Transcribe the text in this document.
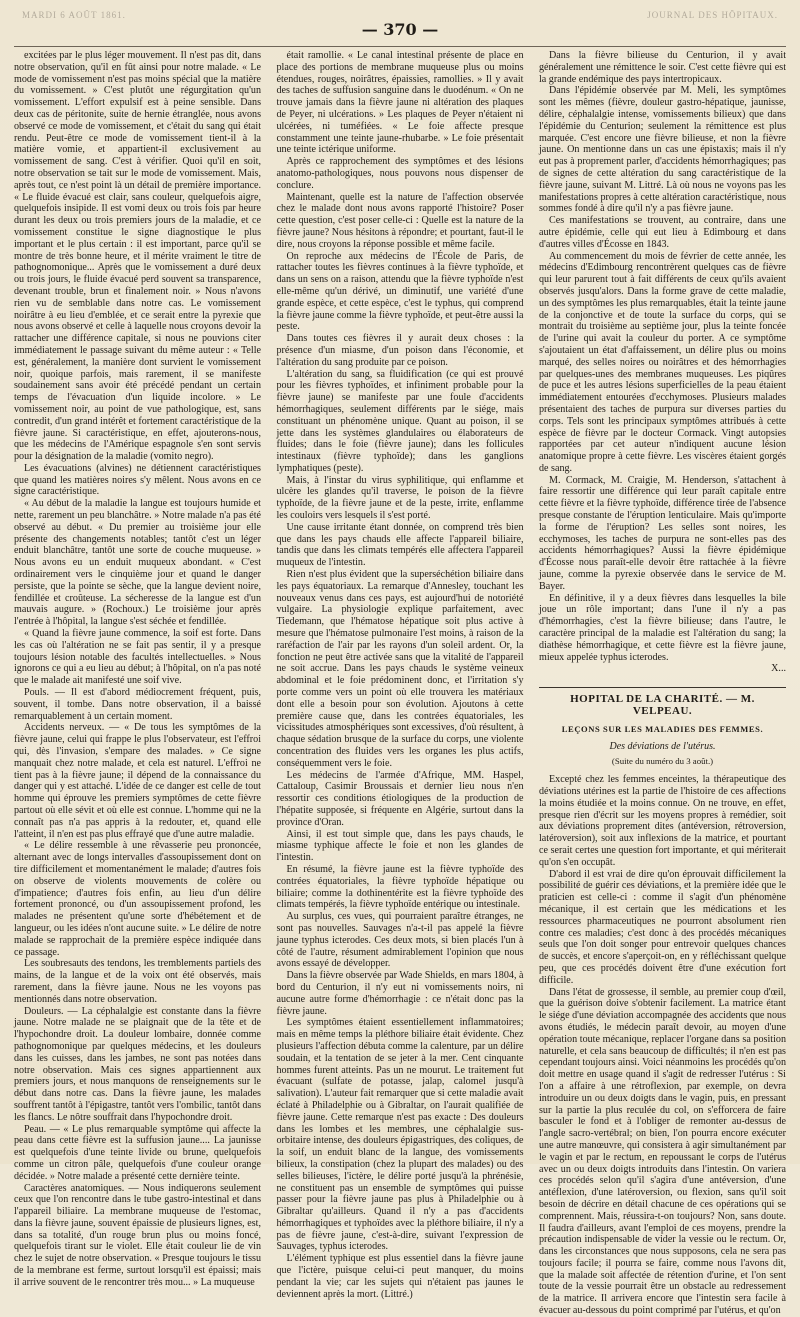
MARDI 6 AOÛT 1861.	JOURNAL DES HÔPITAUX.
— 370 —

excitées par le plus léger mouvement. Il n'est pas dit, dans notre observation, qu'il en fût ainsi pour notre malade. « Le mode de vomissement n'est pas moins spécial que la matière du vomissement. » C'est plutôt une régurgitation qu'un vomissement. L'effort expulsif est à peine sensible. Dans deux cas de péritonite, suite de hernie étranglée, nous avons observé ce mode de vomissement, et c'était du sang qui était rendu. Peut-être ce mode de vomissement tient-il à la matière vomie, et appartient-il exclusivement au vomissement de sang. C'est à vérifier. Quoi qu'il en soit, notre observation se tait sur le mode de vomissement. Mais, après tout, ce n'est point là un détail de première importance. « Le fluide évacué est clair, sans couleur, quelquefois aigre, quelquefois insipide. Il est vomi deux ou trois fois par heure durant les deux ou trois premiers jours de la maladie, et ce vomissement constitue le signe diagnostique le plus important et le plus certain : il est important, parce qu'il se montre de très bonne heure, et il mérite vraiment le titre de pathognomonique... Après que le vomissement a duré deux ou trois jours, le fluide évacué perd souvent sa transparence, devenant trouble, brun et finalement noir. » Nous n'avons rien vu de semblable dans notre cas. Le vomissement noirâtre à eu lieu d'emblée, et ce serait entre la pyrexie que nous avons observé et celle à laquelle nous croyons devoir la rattacher une différence capitale, si nous ne pouvions citer immédiatement le passage suivant du même auteur : « Telle est, généralement, la manière dont survient le vomissement noir, quoique parfois, mais rarement, il se manifeste soudainement sans avoir été précédé pendant un certain temps de l'évacuation d'un liquide incolore. » Le vomissement noir, au point de vue pathologique, est, sans contredit, d'un grand intérêt et fortement caractéristique de la fièvre jaune. Si caractéristique, en effet, ajouterons-nous, que les médecins de l'Amérique espagnole s'en sont servis pour la désignation de la maladie (vomito negro).

Les évacuations (alvines) ne détiennent caractéristiques que quand les matières noires s'y mêlent. Nous avons en ce signe caractéristique.

« Au début de la maladie la langue est toujours humide et nette, rarement un peu blanchâtre. » Notre malade n'a pas été observé au début. « Du premier au troisième jour elle présente des changements notables; tantôt c'est un léger enduit blanchâtre, tantôt une sorte de couche muqueuse. » Nous avons eu un enduit muqueux abondant. « C'est ordinairement vers le cinquième jour et quand le danger persiste, que la pointe se sèche, que la langue devient noire, fendillée et croûteuse. La sécheresse de la langue est d'un mauvais augure. » (Rochoux.) Le troisième jour après l'entrée à l'hôpital, la langue s'est séchée et fendillée.

« Quand la fièvre jaune commence, la soif est forte. Dans les cas où l'altération ne se fait pas sentir, il y a presque toujours lésion notable des facultés intellectuelles. » Nous ignorons ce qui a eu lieu au début; à l'hôpital, on n'a pas noté que le malade ait manifesté une soif vive.

Pouls. — Il est d'abord médiocrement fréquent, puis, souvent, il tombe. Dans notre observation, il a baissé remarquablement à un certain moment.

Accidents nerveux. — « De tous les symptômes de la fièvre jaune, celui qui frappe le plus l'observateur, est l'effroi qui, dès l'invasion, s'empare des malades. » Ce signe manquait chez notre malade, et cela est naturel. L'effroi ne tient pas à la fièvre jaune; il dépend de la connaissance du danger qui y est attaché. L'idée de ce danger est celle de tout homme qui éprouve les premiers symptômes de cette fièvre partout où elle sévit et où elle est connue. L'homme qui ne la connaît pas n'a pas appris à la redouter, et, quand elle l'atteint, il n'en est pas plus effrayé que d'une autre maladie.

« Le délire ressemble à une rêvasserie peu prononcée, alternant avec de longs intervalles d'assoupissement dont on tire difficilement et momentanément le malade; d'autres fois on observe de violents mouvements de colère ou d'impatience; d'autres fois enfin, au lieu d'un délire fortement prononcé, ou d'un assoupissement profond, les malades ne présentent qu'une sorte d'hébétement et de langueur, ou les idées n'ont aucune suite. » Le délire de notre malade se rapprochait de la première espèce indiquée dans ce passage.

Les soubresauts des tendons, les tremblements partiels des mains, de la langue et de la voix ont été observés, mais rarement, dans la fièvre jaune. Nous ne les voyons pas mentionnés dans notre observation.

Douleurs. — La céphalalgie est constante dans la fièvre jaune. Notre malade ne se plaignait que de la tête et de l'hypochondre droit. La douleur lombaire, donnée comme pathognomonique par quelques médecins, et les douleurs dans les cuisses, dans les jambes, ne sont pas notées dans notre observation. Mais ces signes appartiennent aux premiers jours, et nous manquons de renseignements sur le début dans notre cas. Dans la fièvre jaune, les malades souffrent tantôt à l'épigastre, tantôt vers l'ombilic, tantôt dans les flancs. Le nôtre souffrait dans l'hypochondre droit.

Peau. — « Le plus remarquable symptôme qui affecte la peau dans cette fièvre est la suffusion jaune.... La jaunisse est quelquefois d'une teinte livide ou brune, quelquefois comme un citron pâle, quelquefois d'une couleur orange décidée. » Notre malade a présenté cette dernière teinte.

Caractères anatomiques. — Nous indiquerons seulement ceux que l'on rencontre dans le tube gastro-intestinal et dans l'appareil biliaire. La membrane muqueuse de l'estomac, dans la fièvre jaune, souvent épaissie de plusieurs lignes, est, dans sa totalité, d'un rouge brun plus ou moins foncé, quelquefois tirant sur le violet. Elle était couleur lie de vin chez le sujet de notre observation. « Presque toujours le tissu de la membrane est ferme, surtout lorsqu'il est épaissi; mais il arrive souvent de le rencontrer très mou... » La muqueuse

était ramollie. « Le canal intestinal présente de place en place des portions de membrane muqueuse plus ou moins étendues, rouges, noirâtres, épaissies, ramollies. » Il y avait des taches de suffusion sanguine dans le duodénum. « On ne trouve jamais dans la fièvre jaune ni altération des plaques de Peyer, ni ulcérations. » Les plaques de Peyer n'étaient ni ulcérées, ni tuméfiées. « Le foie affecte presque constamment une teinte jaune-rhubarbe. » Le foie présentait une teinte ictérique uniforme.

Après ce rapprochement des symptômes et des lésions anatomo-pathologiques, nous pouvons nous dispenser de conclure.

Maintenant, quelle est la nature de l'affection observée chez le malade dont nous avons rapporté l'histoire? Poser cette question, c'est poser celle-ci : Quelle est la nature de la fièvre jaune? Nous hésitons à répondre; et pourtant, faut-il le dire, nous croyons la réponse possible et même facile.

On reproche aux médecins de l'École de Paris, de rattacher toutes les fièvres continues à la fièvre typhoïde, et dans un sens on a raison, attendu que la fièvre typhoïde n'est elle-même qu'un dérivé, un diminutif, une variété d'une grande espèce, et cette espèce, c'est le typhus, qui comprend la fièvre jaune comme la fièvre typhoïde, et peut-être aussi la peste.

Dans toutes ces fièvres il y aurait deux choses : la présence d'un miasme, d'un poison dans l'économie, et l'altération du sang produite par ce poison.

L'altération du sang, sa fluidification (ce qui est prouvé pour les fièvres typhoïdes, et infiniment probable pour la fièvre jaune) se manifeste par une foule d'accidents hémorrhagiques, seulement différents par le siége, mais constituant un phénomène unique. Quant au poison, il se jette dans les systèmes glandulaires ou élaborateurs de fluides; dans le foie (fièvre jaune); dans les follicules intestinaux (fièvre typhoïde); dans les ganglions lymphatiques (peste).

Mais, à l'instar du virus syphilitique, qui enflamme et ulcère les glandes qu'il traverse, le poison de la fièvre typhoïde, de la fièvre jaune et de la peste, irrite, enflamme les couloirs vers lesquels il s'est porté.

Une cause irritante étant donnée, on comprend très bien que dans les pays chauds elle affecte l'appareil biliaire, tandis que dans les climats tempérés elle affectera l'appareil muqueux de l'intestin.

Rien n'est plus évident que la superséchétion biliaire dans les pays équatoriaux. La remarque d'Annesley, touchant les nouveaux venus dans ces pays, est aujourd'hui de notoriété vulgaire. La physiologie explique parfaitement, avec Tiedemann, que l'hématose hépatique soit plus active à mesure que l'hématose pulmonaire l'est moins, à raison de la raréfaction de l'air par les rayons d'un soleil ardent. Or, la fonction ne peut être activée sans que la vitalité de l'appareil ne soit accrue. Dans les pays chauds le système veineux abdominal et le foie prédominent donc, et l'irritation s'y porte comme vers un point où elle trouvera les matériaux dont elle a besoin pour son évolution. Ajoutons à cette première cause que, dans les contrées équatoriales, les vicissitudes atmosphériques sont excessives, d'où résultent, à chaque sédation brusque de la surface du corps, une violente concentration des fluides vers les organes les plus actifs, conséquemment vers le foie.

Les médecins de l'armée d'Afrique, MM. Haspel, Cattaloup, Casimir Broussais et dernier lieu nous n'en ressortir ces conditions étiologiques de la production de l'hépatite supposée, si fréquente en Algérie, surtout dans la province d'Oran.

Ainsi, il est tout simple que, dans les pays chauds, le miasme typhique affecte le foie et non les glandes de l'intestin.

En résumé, la fièvre jaune est la fièvre typhoïde des contrées équatoriales, la fièvre typhoïde hépatique ou biliaire; comme la dothinentérite est la fièvre typhoïde des climats tempérés, la fièvre typhoïde entérique ou intestinale.

Au surplus, ces vues, qui pourraient paraître étranges, ne sont pas nouvelles. Sauvages n'a-t-il pas appelé la fièvre jaune typhus icterodes. Ces deux mots, si bien placés l'un à côté de l'autre, résument admirablement l'opinion que nous avons essayé de développer.

Dans la fièvre observée par Wade Shields, en mars 1804, à bord du Centurion, il n'y eut ni vomissements noirs, ni aucune autre forme d'hémorrhagie : ce n'était donc pas la fièvre jaune.

Les symptômes étaient essentiellement inflammatoires; mais en même temps la pléthore biliaire était évidente. Chez plusieurs l'affection débuta comme la calenture, par un délire soudain, et la tentation de se jeter à la mer. Cent cinquante hommes furent atteints. Pas un ne mourut. Le traitement fut évacuant (sulfate de potasse, jalap, calomel jusqu'à salivation). L'auteur fait remarquer que si cette maladie avait éclaté à Philadelphie ou à Gibraltar, on l'aurait qualifiée de fièvre jaune. Cette remarque n'est pas exacte : Des douleurs dans les lombes et les membres, une céphalalgie sus-orbitaire intense, des douleurs épigastriques, des coliques, de la soif, un enduit blanc de la langue, des vomissements bilieux, la constipation (chez la plupart des malades) ou des selles bilieuses, l'ictère, le délire porté jusqu'à la phrénésie, ne constituent pas un ensemble de symptômes qui puisse passer pour la fièvre jaune pas plus à Philadelphie ou à Gibraltar qu'ailleurs. Quand il n'y a pas d'accidents hémorrhagiques et typhoïdes avec la pléthore biliaire, il n'y a pas de fièvre jaune, c'est-à-dire, suivant l'expression de Sauvages, typhus icterodes.

L'élément typhique est plus essentiel dans la fièvre jaune que l'ictère, puisque celui-ci peut manquer, du moins pendant la vie; car les sujets qui n'étaient pas jaunes le deviennent après la mort. (Littré.)

Dans la fièvre bilieuse du Centurion, il y avait généralement une rémittence le soir. C'est cette fièvre qui est la grande endémique des pays intertropicaux.

Dans l'épidémie observée par M. Meli, les symptômes sont les mêmes (fièvre, douleur gastro-hépatique, jaunisse, délire, céphalalgie intense, vomissements bilieux) que dans l'épidémie du Centurion; seulement la rémittence est plus marquée. C'est encore une fièvre bilieuse, et non la fièvre jaune. On mentionne dans un cas une épistaxis; mais il n'y eut pas à proprement parler, d'accidents hémorrhagiques; pas de signes de cette altération du sang caractéristique de la fièvre jaune, suivant M. Littré. Là où nous ne voyons pas les manifestations propres à cette altération caractéristique, nous sommes fondé à dire qu'il n'y a pas fièvre jaune.

Ces manifestations se trouvent, au contraire, dans une autre épidémie, celle qui eut lieu à Edimbourg et dans d'autres villes d'Écosse en 1843.

Au commencement du mois de février de cette année, les médecins d'Edimbourg rencontrèrent quelques cas de fièvre qui leur parurent tout à fait différents de ceux qu'ils avaient observés jusqu'alors. Dans la forme grave de cette maladie, un des symptômes les plus remarquables, était la teinte jaune de la conjonctive et de toute la surface du corps, qui se montrait du troisième au septième jour, plus la teinte foncée de l'urine qui avait la couleur du porter. A ce symptôme s'ajoutaient un état d'affaissement, un délire plus ou moins marqué, des selles noires ou noirâtres et des hémorrhagies par quelques-unes des membranes muqueuses. Les piqûres de puce et les autres lésions superficielles de la peau étaient immédiatement entourées d'ecchymoses. Plusieurs malades présentaient des taches de purpura sur diverses parties du corps. Tels sont les principaux symptômes attribués à cette espèce de fièvre par le docteur Cormack. Vingt autopsies rapportées par cet auteur n'indiquent aucune lésion anatomique propre à cette fièvre. Les viscères étaient gorgés de sang.

M. Cormack, M. Craigie, M. Henderson, s'attachent à faire ressortir une différence qui leur paraît capitale entre cette fièvre et la fièvre typhoïde, différence tirée de l'absence presque constante de l'éruption lenticulaire. Mais qu'importe la forme de l'éruption? Les selles sont noires, les ecchymoses, les taches de purpura ne sont-elles pas des accidents hémorrhagiques? Aussi la fièvre épidémique d'Écosse nous paraît-elle devoir être rattachée à la fièvre jaune, comme la pyrexie observée dans le service de M. Bayer.

En définitive, il y a deux fièvres dans lesquelles la bile joue un rôle important; dans l'une il n'y a pas d'hémorrhagies, c'est la fièvre bilieuse; dans l'autre, le caractère principal de la maladie est l'altération du sang; la diathèse hémorrhagique, et cette fièvre est la fièvre jaune, mieux appelée typhus icterodes.

X...

HOPITAL DE LA CHARITÉ. — M. VELPEAU.
LEÇONS SUR LES MALADIES DES FEMMES.
Des déviations de l'utérus.
(Suite du numéro du 3 août.)

Excepté chez les femmes enceintes, la thérapeutique des déviations utérines est la partie de l'histoire de ces affections la moins étudiée et la moins connue. On ne trouve, en effet, presque rien d'écrit sur les moyens propres à remédier, soit aux déviations proprement dites (antéversion, rétroversion, latéroversion), soit aux inflexions de la matrice, et pourtant ce serait certes une question fort importante, et qui mériterait qu'on s'en occupât.

D'abord il est vrai de dire qu'on éprouvait difficilement la possibilité de guérir ces déviations, et la première idée que le praticien est celle-ci : comme il s'agit d'un phénomène mécanique, il est certain que les médications et les ressources pharmaceutiques ne pourront absolument rien contre ces maladies; c'est donc à des procédés mécaniques seuls que l'on doit songer pour entrevoir quelques chances de succès, et encore s'aperçoit-on, en y réfléchissant quelque peu, que ces procédés doivent être d'une exécution fort difficile.

Dans l'état de grossesse, il semble, au premier coup d'œil, que la guérison doive s'obtenir facilement. La matrice étant le siége d'une déviation accompagnée des accidents que nous avons étudiés, le médecin paraît devoir, au moyen d'une opération toute mécanique, replacer l'organe dans sa position naturelle, et cela sans beaucoup de difficultés; il n'en est pas cependant toujours ainsi. Voici néanmoins les procédés qu'on doit mettre en usage quand il s'agit de redresser l'utérus : Si l'on a affaire à une rétroflexion, par exemple, on devra introduire un ou deux doigts dans le vagin, puis, en pressant sur la partie la plus reculée du col, on s'efforcera de faire basculer le fond et à l'obliger de remonter au-dessus de l'angle sacro-vertébral; on bien, l'on pourra encore exécuter une autre manœuvre, qui consistera à agir simultanément par le vagin et par le rectum, en repoussant le corps de l'utérus avec un ou deux doigts introduits dans l'intestin. On variera ces procédés selon qu'il s'agira d'une antéversion, d'une antéflexion, d'une latéroversion, ou flexion, sans qu'il soit besoin de décrire en détail chacune de ces opérations qui se comprennent. Mais, réussira-t-on toujours? Non, sans doute. Il faudra d'ailleurs, avant l'emploi de ces moyens, prendre la précaution indispensable de vider la vessie ou le rectum. Or, dans les circonstances que nous supposons, cela ne sera pas toujours facile; il pourra se faire, comme nous l'avons dit, que la malade soit affectée de rétention d'urine, et l'on sent toute de la vessie pourrait être un obstacle au redressement de la matrice. Il arrivera encore que l'intestin sera facile à évacuer au-dessous du point comprimé par l'utérus, et qu'on
